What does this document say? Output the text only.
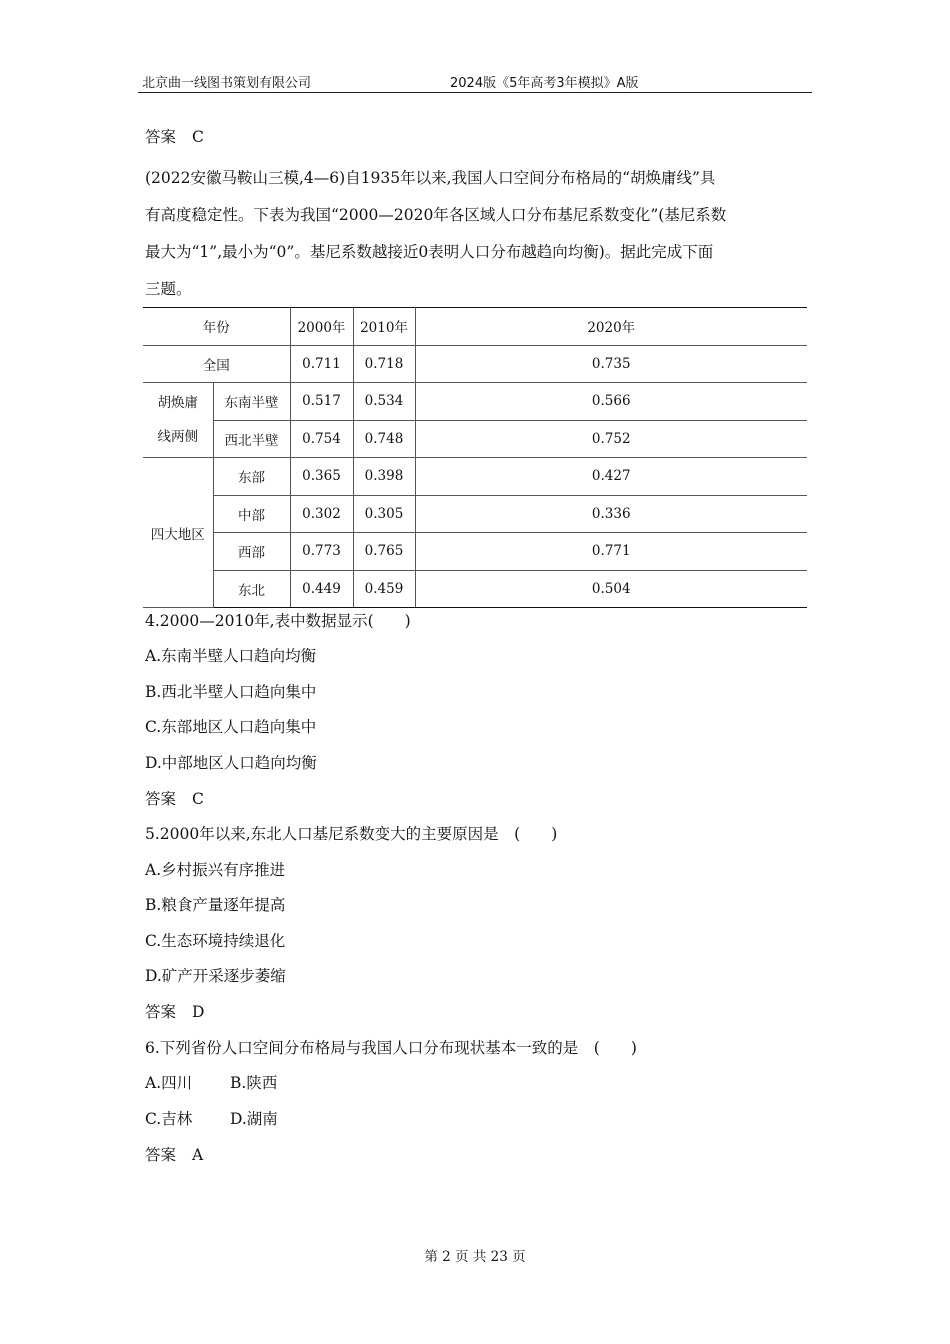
北京曲一线图书策划有限公司	2024版《5年高考3年模拟》A版
答案 C

(2022安徽马鞍山三模,4—6)自1935年以来,我国人口空间分布格局的“胡焕庸线”具

有高度稳定性。下表为我国“2000—2020年各区域人口分布基尼系数变化”(基尼系数

最大为“1”,最小为“0”。基尼系数越接近0表明人口分布越趋向均衡)。据此完成下面

三题。

年份		2000年	2010年	2020年
全国		0.711	0.718	0.735

胡焕庸
线两侧	东南半壁	0.517	0.534	0.566
	西北半壁	0.754	0.748	0.752
四大地区	东部	0.365	0.398	0.427
	中部	0.302	0.305	0.336
	西部	0.773	0.765	0.771
	东北	0.449	0.459	0.504
4.2000—2010年,表中数据显示(　　)
A.东南半壁人口趋向均衡
B.西北半壁人口趋向集中
C.东部地区人口趋向集中
D.中部地区人口趋向均衡
答案 C
5.2000年以来,东北人口基尼系数变大的主要原因是　(　　)
A.乡村振兴有序推进
B.粮食产量逐年提高
C.生态环境持续退化
D.矿产开采逐步萎缩
答案 D
6.下列省份人口空间分布格局与我国人口分布现状基本一致的是　(　　)
A.四川 B.陕西
C.吉林 D.湖南
答案 A
第 2 页 共 23 页
